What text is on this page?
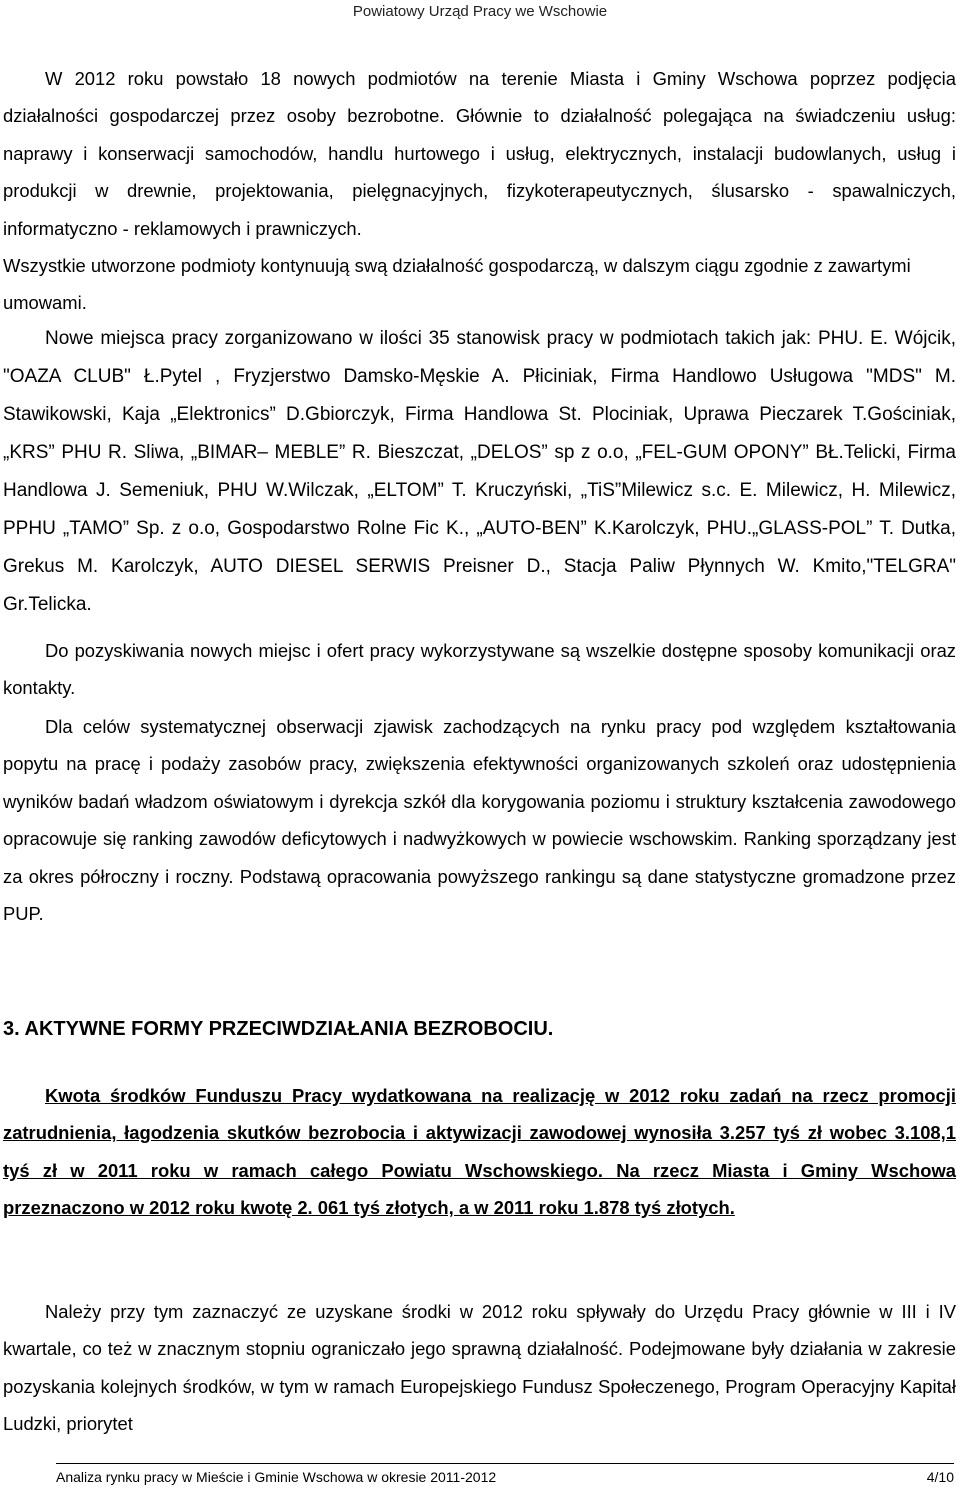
Powiatowy Urząd Pracy we Wschowie
W 2012 roku powstało 18 nowych podmiotów na terenie Miasta i Gminy Wschowa poprzez podjęcia działalności gospodarczej przez osoby bezrobotne. Głównie to działalność polegająca na świadczeniu usług: naprawy i konserwacji samochodów, handlu hurtowego i usług, elektrycznych, instalacji budowlanych, usług i produkcji w drewnie, projektowania, pielęgnacyjnych, fizykoterapeutycznych, ślusarsko - spawalniczych, informatyczno - reklamowych i prawniczych.
Wszystkie utworzone podmioty kontynuują swą działalność gospodarczą, w dalszym ciągu zgodnie z zawartymi umowami.
Nowe miejsca pracy zorganizowano w ilości 35 stanowisk pracy w podmiotach takich jak: PHU. E. Wójcik, "OAZA CLUB" Ł.Pytel , Fryzjerstwo Damsko-Męskie A. Płiciniak, Firma Handlowo Usługowa "MDS" M. Stawikowski, Kaja „Elektronics” D.Gbiorczyk, Firma Handlowa St. Plociniak, Uprawa Pieczarek T.Gościniak, „KRS” PHU R. Sliwa, „BIMAR– MEBLE” R. Bieszczat, „DELOS” sp z o.o, „FEL-GUM OPONY” BŁ.Telicki, Firma Handlowa J. Semeniuk, PHU W.Wilczak, „ELTOM” T. Kruczyński, „TiS”Milewicz s.c. E. Milewicz, H. Milewicz, PPHU „TAMO” Sp. z o.o, Gospodarstwo Rolne Fic K., „AUTO-BEN” K.Karolczyk, PHU.„GLASS-POL” T. Dutka, Grekus M. Karolczyk, AUTO DIESEL SERWIS Preisner D., Stacja Paliw Płynnych W. Kmito,"TELGRA" Gr.Telicka.
Do pozyskiwania nowych miejsc i ofert pracy wykorzystywane są wszelkie dostępne sposoby komunikacji oraz kontakty.
Dla celów systematycznej obserwacji zjawisk zachodzących na rynku pracy pod względem kształtowania popytu na pracę i podaży zasobów pracy, zwiększenia efektywności organizowanych szkoleń oraz udostępnienia wyników badań władzom oświatowym i dyrekcja szkół dla korygowania poziomu i struktury kształcenia zawodowego opracowuje się ranking zawodów deficytowych i nadwyżkowych w powiecie wschowskim. Ranking sporządzany jest za okres półroczny i roczny. Podstawą opracowania powyższego rankingu są dane statystyczne gromadzone przez PUP.
3. AKTYWNE FORMY PRZECIWDZIAŁANIA BEZROBOCIU.
Kwota środków Funduszu Pracy wydatkowana na realizację w 2012 roku zadań na rzecz promocji zatrudnienia, łagodzenia skutków bezrobocia i aktywizacji zawodowej wynosiła 3.257 tyś zł wobec 3.108,1 tyś zł w 2011 roku w ramach całego Powiatu Wschowskiego. Na rzecz Miasta i Gminy Wschowa przeznaczono w 2012 roku kwotę 2. 061 tyś złotych, a w 2011 roku 1.878 tyś złotych.
Należy przy tym zaznaczyć ze uzyskane środki w 2012 roku spływały do Urzędu Pracy głównie w III i IV kwartale, co też w znacznym stopniu ograniczało jego sprawną działalność. Podejmowane były działania w zakresie pozyskania kolejnych środków, w tym w ramach Europejskiego Fundusz Społeczenego, Program Operacyjny Kapitał Ludzki, priorytet
Analiza rynku pracy w Mieście i Gminie Wschowa w okresie 2011-2012	4/10
